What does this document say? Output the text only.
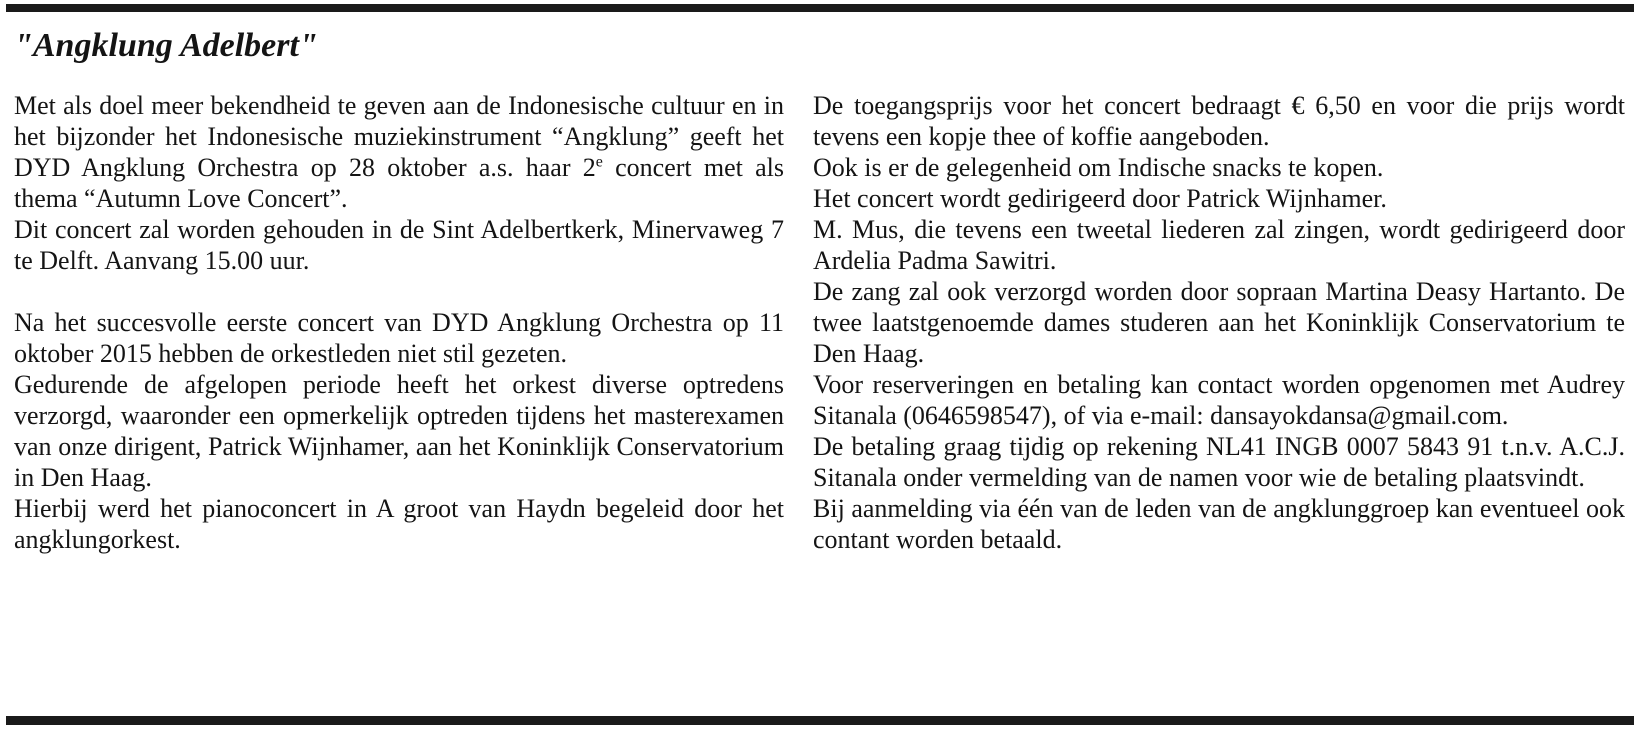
"Angklung Adelbert"

Met als doel meer bekendheid te geven aan de Indonesische cultuur en in het bijzonder het Indonesische muziekinstrument “Angklung” geeft het DYD Angklung Orchestra op 28 oktober a.s. haar 2e concert met als thema “Autumn Love Concert”.

Dit concert zal worden gehouden in de Sint Adelbertkerk, Minervaweg 7 te Delft. Aanvang 15.00 uur.

Na het succesvolle eerste concert van DYD Angklung Orchestra op 11 oktober 2015 hebben de orkestleden niet stil gezeten.

Gedurende de afgelopen periode heeft het orkest diverse optredens verzorgd, waaronder een opmerkelijk optreden tijdens het masterexamen van onze dirigent, Patrick Wijnhamer, aan het Koninklijk Conservatorium in Den Haag.

Hierbij werd het pianoconcert in A groot van Haydn begeleid door het angklungorkest.

De toegangsprijs voor het concert bedraagt € 6,50 en voor die prijs wordt tevens een kopje thee of koffie aangeboden.

Ook is er de gelegenheid om Indische snacks te kopen.

Het concert wordt gedirigeerd door Patrick Wijnhamer.

M. Mus, die tevens een tweetal liederen zal zingen, wordt gedirigeerd door Ardelia Padma Sawitri.

De zang zal ook verzorgd worden door sopraan Martina Deasy Hartanto. De twee laatstgenoemde dames studeren aan het Koninklijk Conservatorium te Den Haag.

Voor reserveringen en betaling kan contact worden opgenomen met Audrey Sitanala (0646598547), of via e-mail: dansayokdansa@gmail.com.

De betaling graag tijdig op rekening NL41 INGB 0007 5843 91 t.n.v. A.C.J. Sitanala onder vermelding van de namen voor wie de betaling plaatsvindt.

Bij aanmelding via één van de leden van de angklunggroep kan eventueel ook contant worden betaald.
